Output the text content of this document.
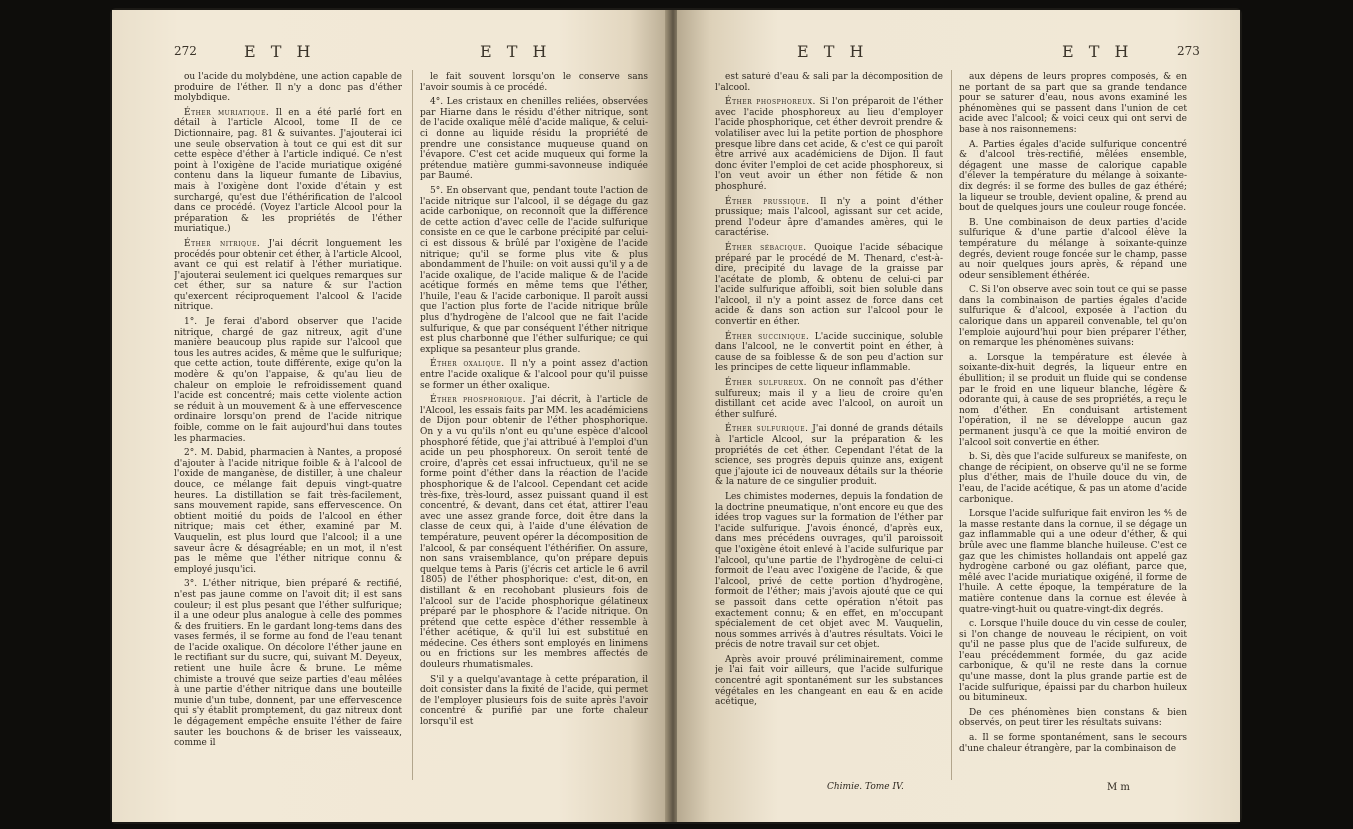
272	E T H	E T H

ou l'acide du molybdène, une action capable de produire de l'éther. Il n'y a donc pas d'éther molybdique.

Éther muriatique. Il en a été parlé fort en détail à l'article Alcool, tome II de ce Dictionnaire, pag. 81 & suivantes. J'ajouterai ici une seule observation à tout ce qui est dit sur cette espèce d'éther à l'article indiqué. Ce n'est point à l'oxigène de l'acide muriatique oxigéné contenu dans la liqueur fumante de Libavius, mais à l'oxigène dont l'oxide d'étain y est surchargé, qu'est due l'éthérification de l'alcool dans ce procédé. (Voyez l'article Alcool pour la préparation & les propriétés de l'éther muriatique.)

Éther nitrique. J'ai décrit longuement les procédés pour obtenir cet éther, à l'article Alcool, avant ce qui est relatif à l'éther muriatique. J'ajouterai seulement ici quelques remarques sur cet éther, sur sa nature & sur l'action qu'exercent réciproquement l'alcool & l'acide nitrique.

1°. Je ferai d'abord observer que l'acide nitrique, chargé de gaz nitreux, agit d'une manière beaucoup plus rapide sur l'alcool que tous les autres acides, & même que le sulfurique; que cette action, toute différente, exige qu'on la modère & qu'on l'appaise, & qu'au lieu de chaleur on emploie le refroidissement quand l'acide est concentré; mais cette violente action se réduit à un mouvement & à une effervescence ordinaire lorsqu'on prend de l'acide nitrique foible, comme on le fait aujourd'hui dans toutes les pharmacies.

2°. M. Dabid, pharmacien à Nantes, a proposé d'ajouter à l'acide nitrique foible & à l'alcool de l'oxide de manganèse, de distiller, à une chaleur douce, ce mélange fait depuis vingt-quatre heures. La distillation se fait très-facilement, sans mouvement rapide, sans effervescence. On obtient moitié du poids de l'alcool en éther nitrique; mais cet éther, examiné par M. Vauquelin, est plus lourd que l'alcool; il a une saveur âcre & désagréable; en un mot, il n'est pas le même que l'éther nitrique connu & employé jusqu'ici.

3°. L'éther nitrique, bien préparé & rectifié, n'est pas jaune comme on l'avoit dit; il est sans couleur; il est plus pesant que l'éther sulfurique; il a une odeur plus analogue à celle des pommes & des fruitiers. En le gardant long-tems dans des vases fermés, il se forme au fond de l'eau tenant de l'acide oxalique. On décolore l'éther jaune en le rectifiant sur du sucre, qui, suivant M. Deyeux, retient une huile âcre & brune. Le même chimiste a trouvé que seize parties d'eau mêlées à une partie d'éther nitrique dans une bouteille munie d'un tube, donnent, par une effervescence qui s'y établit promptement, du gaz nitreux dont le dégagement empêche ensuite l'éther de faire sauter les bouchons & de briser les vaisseaux, comme il

le fait souvent lorsqu'on le conserve sans l'avoir soumis à ce procédé.

4°. Les cristaux en chenilles reliées, observées par Hiarne dans le résidu d'éther nitrique, sont de l'acide oxalique mêlé d'acide malique, & celui-ci donne au liquide résidu la propriété de prendre une consistance muqueuse quand on l'évapore. C'est cet acide muqueux qui forme la prétendue matière gummi-savonneuse indiquée par Baumé.

5°. En observant que, pendant toute l'action de l'acide nitrique sur l'alcool, il se dégage du gaz acide carbonique, on reconnoît que la différence de cette action d'avec celle de l'acide sulfurique consiste en ce que le carbone précipité par celui-ci est dissous & brûlé par l'oxigène de l'acide nitrique; qu'il se forme plus vite & plus abondamment de l'huile: on voit aussi qu'il y a de l'acide oxalique, de l'acide malique & de l'acide acétique formés en même tems que l'éther, l'huile, l'eau & l'acide carbonique. Il paroît aussi que l'action plus forte de l'acide nitrique brûle plus d'hydrogène de l'alcool que ne fait l'acide sulfurique, & que par conséquent l'éther nitrique est plus charbonné que l'éther sulfurique; ce qui explique sa pesanteur plus grande.

Éther oxalique. Il n'y a point assez d'action entre l'acide oxalique & l'alcool pour qu'il puisse se former un éther oxalique.

Éther phosphorique. J'ai décrit, à l'article de l'Alcool, les essais faits par MM. les académiciens de Dijon pour obtenir de l'éther phosphorique. On y a vu qu'ils n'ont eu qu'une espèce d'alcool phosphoré fétide, que j'ai attribué à l'emploi d'un acide un peu phosphoreux. On seroit tenté de croire, d'après cet essai infructueux, qu'il ne se forme point d'éther dans la réaction de l'acide phosphorique & de l'alcool. Cependant cet acide très-fixe, très-lourd, assez puissant quand il est concentré, & devant, dans cet état, attirer l'eau avec une assez grande force, doit être dans la classe de ceux qui, à l'aide d'une élévation de température, peuvent opérer la décomposition de l'alcool, & par conséquent l'éthérifier. On assure, non sans vraisemblance, qu'on prépare depuis quelque tems à Paris (j'écris cet article le 6 avril 1805) de l'éther phosphorique: c'est, dit-on, en distillant & en recohobant plusieurs fois de l'alcool sur de l'acide phosphorique gélatineux préparé par le phosphore & l'acide nitrique. On prétend que cette espèce d'éther ressemble à l'éther acétique, & qu'il lui est substitué en médecine. Ces éthers sont employés en linimens ou en frictions sur les membres affectés de douleurs rhumatismales.

S'il y a quelqu'avantage à cette préparation, il doit consister dans la fixité de l'acide, qui permet de l'employer plusieurs fois de suite après l'avoir concentré & purifié par une forte chaleur lorsqu'il est

E T H	E T H	273

est saturé d'eau & sali par la décomposition de l'alcool.

Éther phosphoreux. Si l'on préparoit de l'éther avec l'acide phosphoreux au lieu d'employer l'acide phosphorique, cet éther devroit prendre & volatiliser avec lui la petite portion de phosphore presque libre dans cet acide, & c'est ce qui paroît être arrivé aux académiciens de Dijon. Il faut donc éviter l'emploi de cet acide phosphoreux, si l'on veut avoir un éther non fétide & non phosphuré.

Éther prussique. Il n'y a point d'éther prussique; mais l'alcool, agissant sur cet acide, prend l'odeur âpre d'amandes amères, qui le caractérise.

Éther sébacique. Quoique l'acide sébacique préparé par le procédé de M. Thenard, c'est-à-dire, précipité du lavage de la graisse par l'acétate de plomb, & obtenu de celui-ci par l'acide sulfurique affoibli, soit bien soluble dans l'alcool, il n'y a point assez de force dans cet acide & dans son action sur l'alcool pour le convertir en éther.

Éther succinique. L'acide succinique, soluble dans l'alcool, ne le convertit point en éther, à cause de sa foiblesse & de son peu d'action sur les principes de cette liqueur inflammable.

Éther sulfureux. On ne connoît pas d'éther sulfureux; mais il y a lieu de croire qu'en distillant cet acide avec l'alcool, on auroit un éther sulfuré.

Éther sulfurique. J'ai donné de grands détails à l'article Alcool, sur la préparation & les propriétés de cet éther. Cependant l'état de la science, ses progrès depuis quinze ans, exigent que j'ajoute ici de nouveaux détails sur la théorie & la nature de ce singulier produit.

Les chimistes modernes, depuis la fondation de la doctrine pneumatique, n'ont encore eu que des idées trop vagues sur la formation de l'éther par l'acide sulfurique. J'avois énoncé, d'après eux, dans mes précédens ouvrages, qu'il paroissoit que l'oxigène étoit enlevé à l'acide sulfurique par l'alcool, qu'une partie de l'hydrogène de celui-ci formoit de l'eau avec l'oxigène de l'acide, & que l'alcool, privé de cette portion d'hydrogène, formoit de l'éther; mais j'avois ajouté que ce qui se passoit dans cette opération n'étoit pas exactement connu; & en effet, en m'occupant spécialement de cet objet avec M. Vauquelin, nous sommes arrivés à d'autres résultats. Voici le précis de notre travail sur cet objet.

Après avoir prouvé préliminairement, comme je l'ai fait voir ailleurs, que l'acide sulfurique concentré agit spontanément sur les substances végétales en les changeant en eau & en acide acétique,

aux dépens de leurs propres composés, & en ne portant de sa part que sa grande tendance pour se saturer d'eau, nous avons examiné les phénomènes qui se passent dans l'union de cet acide avec l'alcool; & voici ceux qui ont servi de base à nos raisonnemens:

A. Parties égales d'acide sulfurique concentré & d'alcool très-rectifié, mêlées ensemble, dégagent une masse de calorique capable d'élever la température du mélange à soixante-dix degrés: il se forme des bulles de gaz éthéré; la liqueur se trouble, devient opaline, & prend au bout de quelques jours une couleur rouge foncée.

B. Une combinaison de deux parties d'acide sulfurique & d'une partie d'alcool élève la température du mélange à soixante-quinze degrés, devient rouge foncée sur le champ, passe au noir quelques jours après, & répand une odeur sensiblement éthérée.

C. Si l'on observe avec soin tout ce qui se passe dans la combinaison de parties égales d'acide sulfurique & d'alcool, exposée à l'action du calorique dans un appareil convenable, tel qu'on l'emploie aujourd'hui pour bien préparer l'éther, on remarque les phénomènes suivans:

a. Lorsque la température est élevée à soixante-dix-huit degrés, la liqueur entre en ébullition; il se produit un fluide qui se condense par le froid en une liqueur blanche, légère & odorante qui, à cause de ses propriétés, a reçu le nom d'éther. En conduisant artistement l'opération, il ne se développe aucun gaz permanent jusqu'à ce que la moitié environ de l'alcool soit convertie en éther.

b. Si, dès que l'acide sulfureux se manifeste, on change de récipient, on observe qu'il ne se forme plus d'éther, mais de l'huile douce du vin, de l'eau, de l'acide acétique, & pas un atome d'acide carbonique.

Lorsque l'acide sulfurique fait environ les ⅘ de la masse restante dans la cornue, il se dégage un gaz inflammable qui a une odeur d'éther, & qui brûle avec une flamme blanche huileuse. C'est ce gaz que les chimistes hollandais ont appelé gaz hydrogène carboné ou gaz oléfiant, parce que, mêlé avec l'acide muriatique oxigéné, il forme de l'huile. A cette époque, la température de la matière contenue dans la cornue est élevée à quatre-vingt-huit ou quatre-vingt-dix degrés.

c. Lorsque l'huile douce du vin cesse de couler, si l'on change de nouveau le récipient, on voit qu'il ne passe plus que de l'acide sulfureux, de l'eau précédemment formée, du gaz acide carbonique, & qu'il ne reste dans la cornue qu'une masse, dont la plus grande partie est de l'acide sulfurique, épaissi par du charbon huileux ou bitumineux.

De ces phénomènes bien constans & bien observés, on peut tirer les résultats suivans:

a. Il se forme spontanément, sans le secours d'une chaleur étrangère, par la combinaison de

Chimie. Tome IV.	M m
